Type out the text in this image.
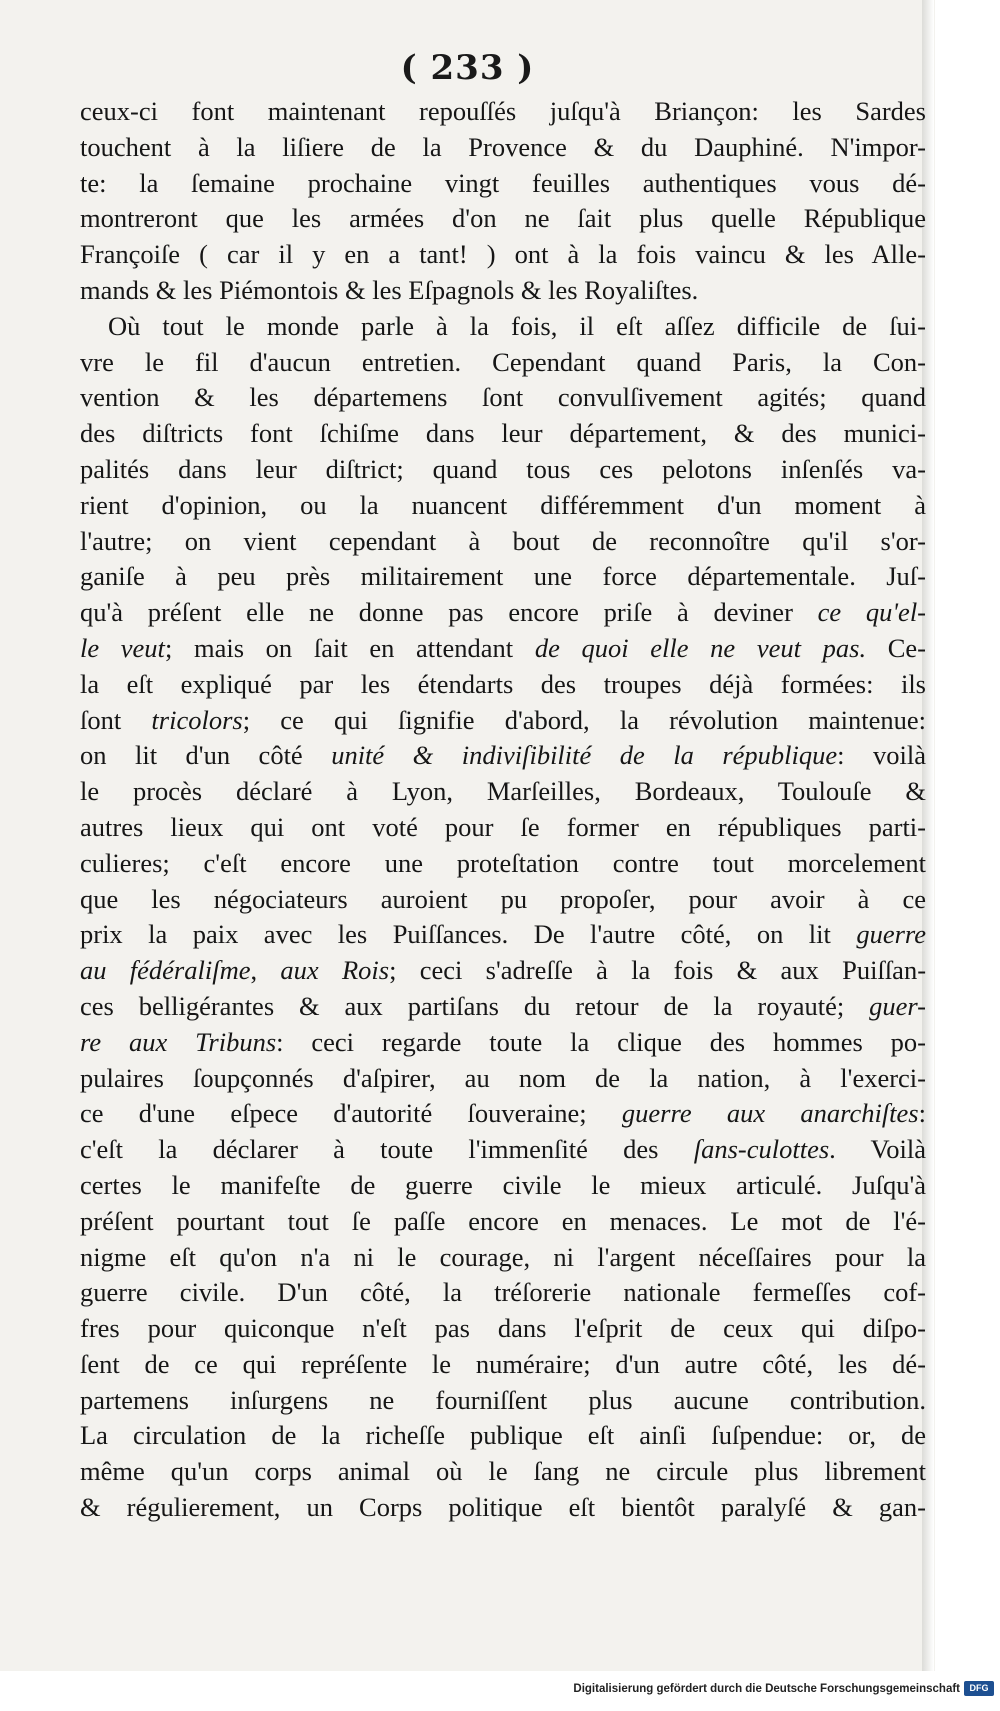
( 233 )
ceux-ci font maintenant repouſſés juſqu'à Briançon: les Sardes
touchent à la liſiere de la Provence & du Dauphiné. N'impor-
te: la ſemaine prochaine vingt feuilles authentiques vous dé-
montreront que les armées d'on ne ſait plus quelle République
Françoiſe ( car il y en a tant! ) ont à la fois vaincu & les Alle-
mands & les Piémontois & les Eſpagnols & les Royaliſtes.
Où tout le monde parle à la fois, il eſt aſſez difficile de ſui-
vre le fil d'aucun entretien. Cependant quand Paris, la Con-
vention & les départemens ſont convulſivement agités; quand
des diſtricts font ſchiſme dans leur département, & des munici-
palités dans leur diſtrict; quand tous ces pelotons inſenſés va-
rient d'opinion, ou la nuancent différemment d'un moment à
l'autre; on vient cependant à bout de reconnoître qu'il s'or-
ganiſe à peu près militairement une force départementale. Juſ-
qu'à préſent elle ne donne pas encore priſe à deviner ce qu'el-
le veut; mais on ſait en attendant de quoi elle ne veut pas. Ce-
la eſt expliqué par les étendarts des troupes déjà formées: ils
ſont tricolors; ce qui ſignifie d'abord, la révolution maintenue:
on lit d'un côté unité & indiviſibilité de la république: voilà
le procès déclaré à Lyon, Marſeilles, Bordeaux, Toulouſe &
autres lieux qui ont voté pour ſe former en républiques parti-
culieres; c'eſt encore une proteſtation contre tout morcelement
que les négociateurs auroient pu propoſer, pour avoir à ce
prix la paix avec les Puiſſances. De l'autre côté, on lit guerre
au fédéraliſme, aux Rois; ceci s'adreſſe à la fois & aux Puiſſan-
ces belligérantes & aux partiſans du retour de la royauté; guer-
re aux Tribuns: ceci regarde toute la clique des hommes po-
pulaires ſoupçonnés d'aſpirer, au nom de la nation, à l'exerci-
ce d'une eſpece d'autorité ſouveraine; guerre aux anarchiſtes:
c'eſt la déclarer à toute l'immenſité des ſans-culottes. Voilà
certes le manifeſte de guerre civile le mieux articulé. Juſqu'à
préſent pourtant tout ſe paſſe encore en menaces. Le mot de l'é-
nigme eſt qu'on n'a ni le courage, ni l'argent néceſſaires pour la
guerre civile. D'un côté, la tréſorerie nationale fermeſſes cof-
fres pour quiconque n'eſt pas dans l'eſprit de ceux qui diſpo-
ſent de ce qui repréſente le numéraire; d'un autre côté, les dé-
partemens inſurgens ne fourniſſent plus aucune contribution.
La circulation de la richeſſe publique eſt ainſi ſuſpendue: or, de
même qu'un corps animal où le ſang ne circule plus librement
& régulierement, un Corps politique eſt bientôt paralyſé & gan-
Digitalisierung gefördert durch die Deutsche Forschungsgemeinschaft	DFG
